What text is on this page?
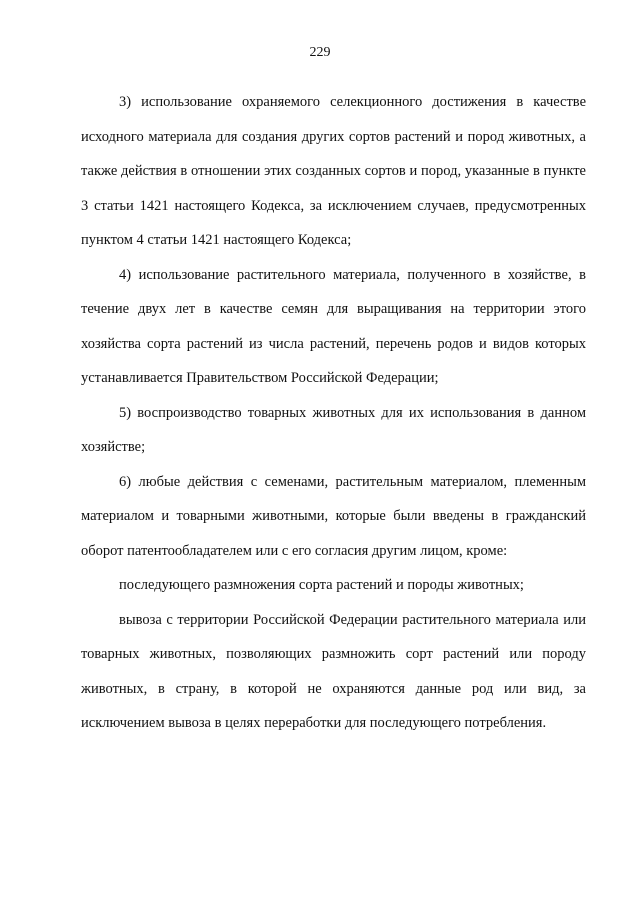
229

3) использование охраняемого селекционного достижения в качестве исходного материала для создания других сортов растений и пород животных, а также действия в отношении этих созданных сортов и пород, указанные в пункте 3 статьи 1421 настоящего Кодекса, за исключением случаев, предусмотренных пунктом 4 статьи 1421 настоящего Кодекса;

4) использование растительного материала, полученного в хозяйстве, в течение двух лет в качестве семян для выращивания на территории этого хозяйства сорта растений из числа растений, перечень родов и видов которых устанавливается Правительством Российской Федерации;

5) воспроизводство товарных животных для их использования в данном хозяйстве;

6) любые действия с семенами, растительным материалом, племенным материалом и товарными животными, которые были введены в гражданский оборот патентообладателем или с его согласия другим лицом, кроме:

последующего размножения сорта растений и породы животных;

вывоза с территории Российской Федерации растительного материала или товарных животных, позволяющих размножить сорт растений или породу животных, в страну, в которой не охраняются данные род или вид, за исключением вывоза в целях переработки для последующего потребления.
